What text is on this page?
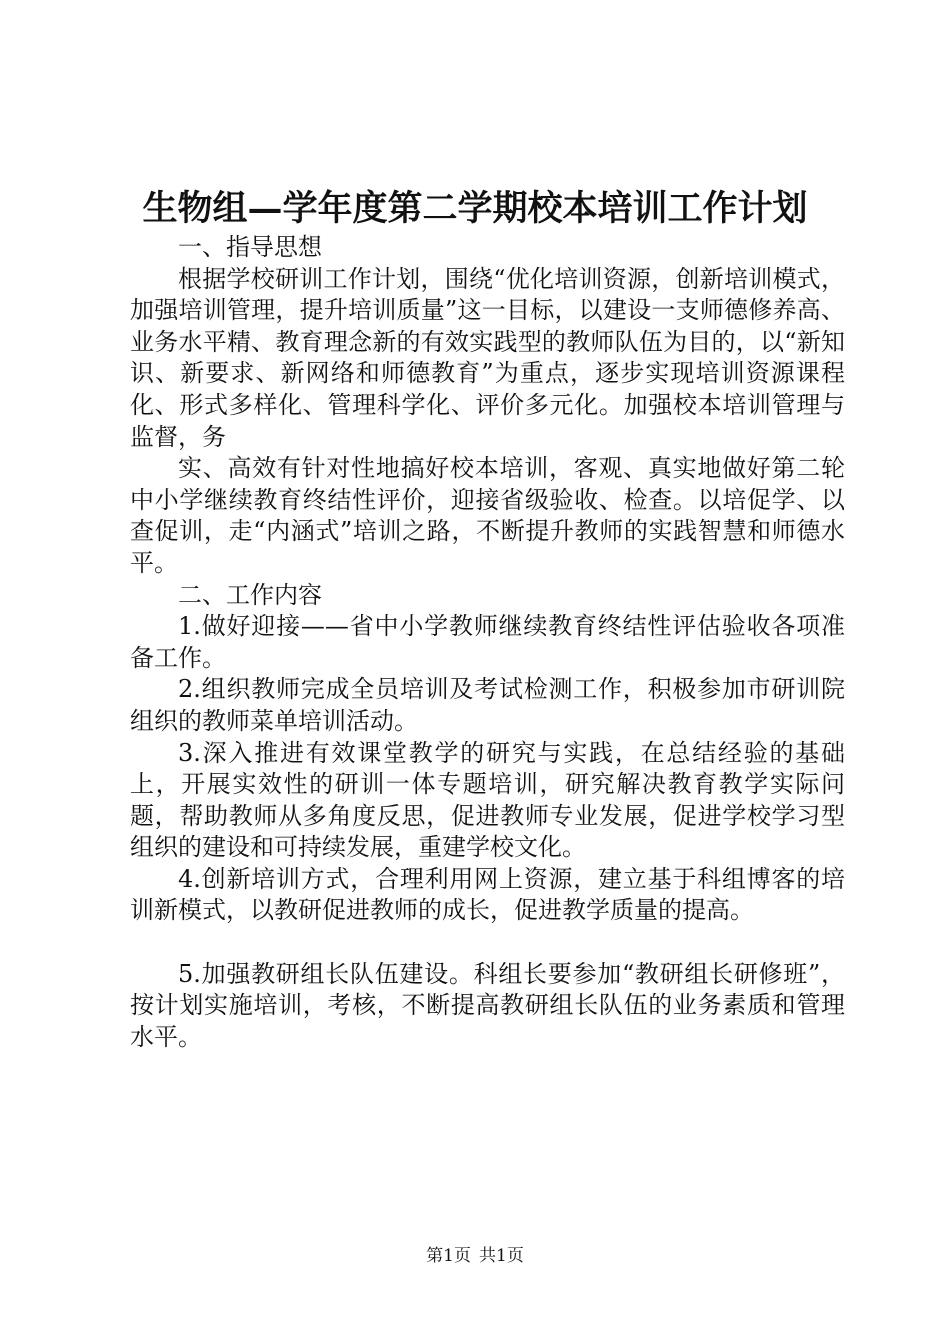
生物组—学年度第二学期校本培训工作计划

一、指导思想

根据学校研训工作计划，围绕“优化培训资源，创新培训模式，加强培训管理，提升培训质量”这一目标，以建设一支师德修养高、业务水平精、教育理念新的有效实践型的教师队伍为目的，以“新知识、新要求、新网络和师德教育”为重点，逐步实现培训资源课程化、形式多样化、管理科学化、评价多元化。加强校本培训管理与监督，务

实、高效有针对性地搞好校本培训，客观、真实地做好第二轮中小学继续教育终结性评价，迎接省级验收、检查。以培促学、以查促训，走“内涵式”培训之路，不断提升教师的实践智慧和师德水平。

二、工作内容

1.做好迎接——省中小学教师继续教育终结性评估验收各项准备工作。

2.组织教师完成全员培训及考试检测工作，积极参加市研训院组织的教师菜单培训活动。

3.深入推进有效课堂教学的研究与实践，在总结经验的基础上，开展实效性的研训一体专题培训，研究解决教育教学实际问题，帮助教师从多角度反思，促进教师专业发展，促进学校学习型组织的建设和可持续发展，重建学校文化。

4.创新培训方式，合理利用网上资源，建立基于科组博客的培训新模式，以教研促进教师的成长，促进教学质量的提高。

5.加强教研组长队伍建设。科组长要参加“教研组长研修班”，按计划实施培训，考核，不断提高教研组长队伍的业务素质和管理水平。

第1页 共1页
